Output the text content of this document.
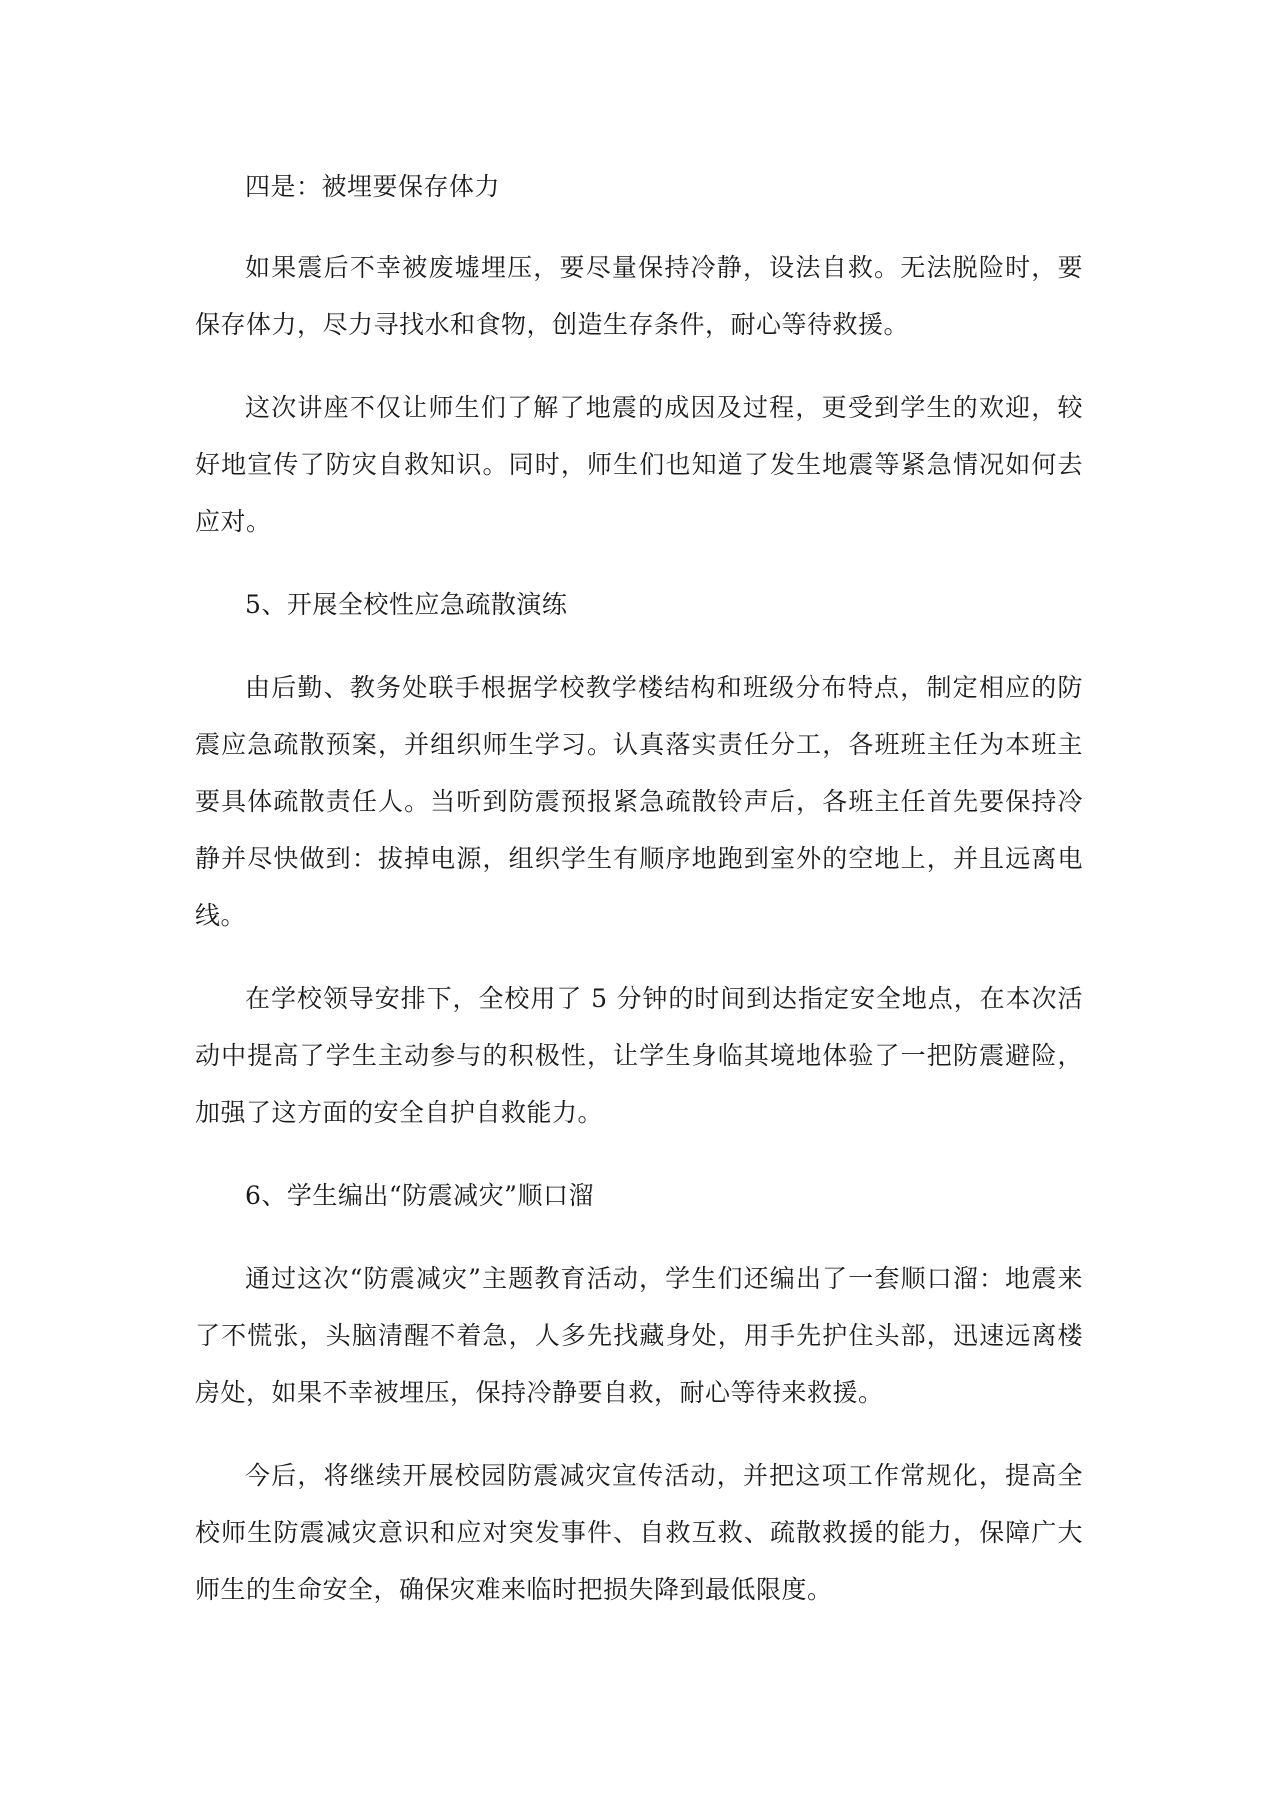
四是：被埋要保存体力

如果震后不幸被废墟埋压，要尽量保持冷静，设法自救。无法脱险时，要保存体力，尽力寻找水和食物，创造生存条件，耐心等待救援。

这次讲座不仅让师生们了解了地震的成因及过程，更受到学生的欢迎，较好地宣传了防灾自救知识。同时，师生们也知道了发生地震等紧急情况如何去应对。

5、开展全校性应急疏散演练

由后勤、教务处联手根据学校教学楼结构和班级分布特点，制定相应的防震应急疏散预案，并组织师生学习。认真落实责任分工，各班班主任为本班主要具体疏散责任人。当听到防震预报紧急疏散铃声后，各班主任首先要保持冷静并尽快做到：拔掉电源，组织学生有顺序地跑到室外的空地上，并且远离电线。

在学校领导安排下，全校用了 5 分钟的时间到达指定安全地点，在本次活动中提高了学生主动参与的积极性，让学生身临其境地体验了一把防震避险，加强了这方面的安全自护自救能力。

6、学生编出“防震减灾”顺口溜

通过这次“防震减灾”主题教育活动，学生们还编出了一套顺口溜：地震来了不慌张，头脑清醒不着急，人多先找藏身处，用手先护住头部，迅速远离楼房处，如果不幸被埋压，保持冷静要自救，耐心等待来救援。

今后，将继续开展校园防震减灾宣传活动，并把这项工作常规化，提高全校师生防震减灾意识和应对突发事件、自救互救、疏散救援的能力，保障广大师生的生命安全，确保灾难来临时把损失降到最低限度。
